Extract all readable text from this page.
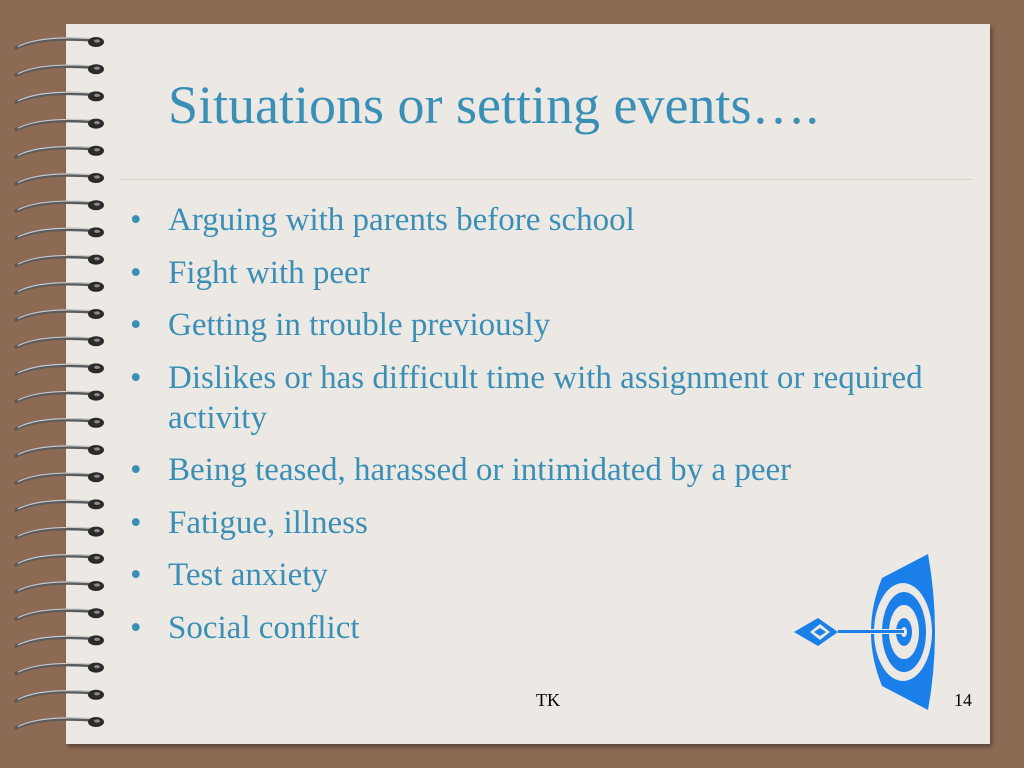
Situations or setting events….
• Arguing with parents before school
• Fight with peer
• Getting in trouble previously
• Dislikes or has difficult time with assignment or required activity
• Being teased, harassed or intimidated by a peer
• Fatigue, illness
• Test anxiety
• Social conflict
TK	14
